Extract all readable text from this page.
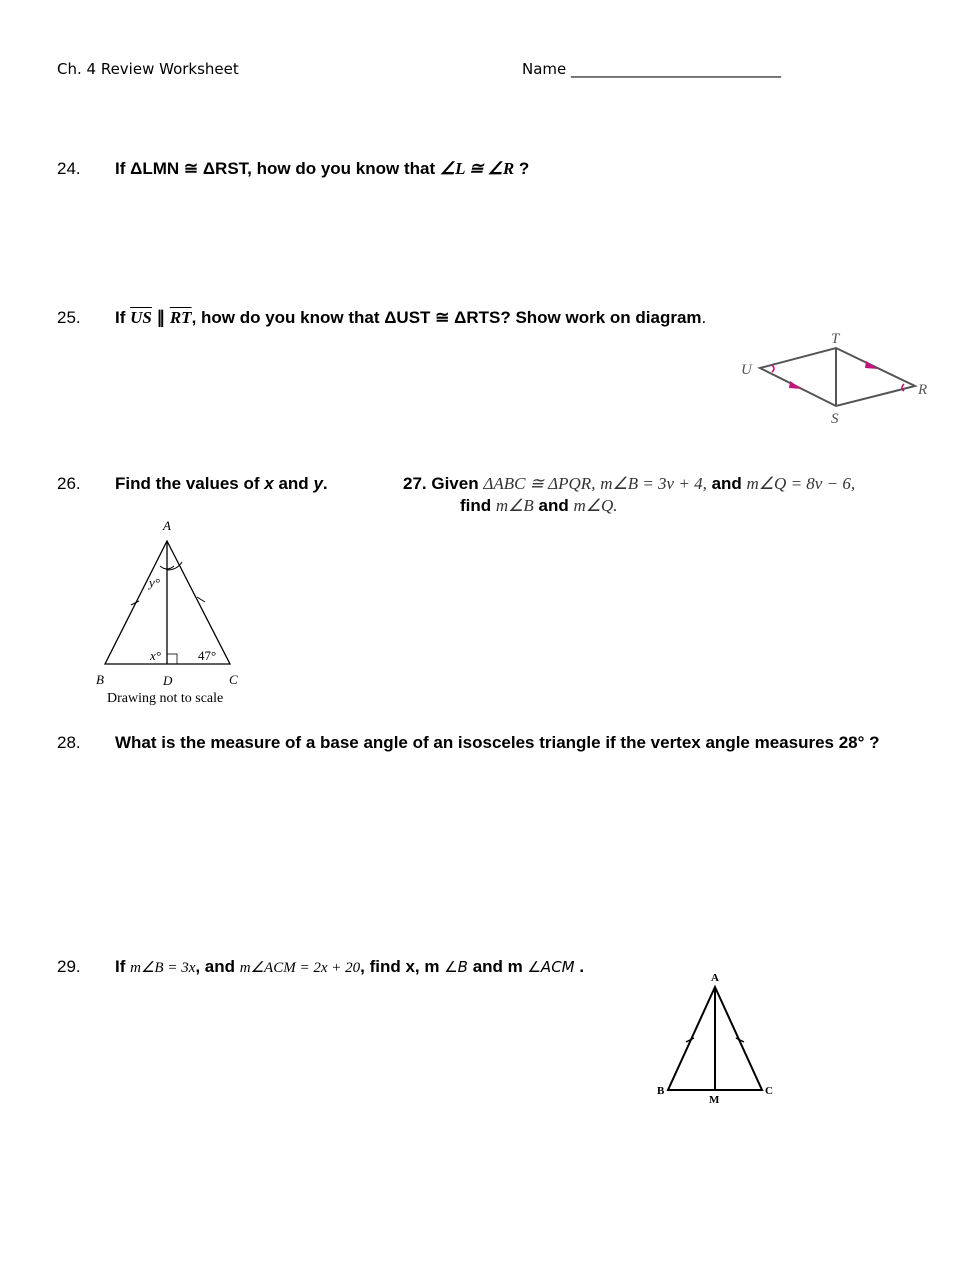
Ch. 4 Review Worksheet	Name ____________________________
24. If ΔLMN ≅ ΔRST, how do you know that ∠L ≅ ∠R ?
25. If $\overline{US}$ ∥ $\overline{RT}$, how do you know that ΔUST ≅ ΔRTS? Show work on diagram.
T
U
R
S
26. Find the values of x and y.
A
y°
x°	47°
B	D	C
Drawing not to scale
27. Given ΔABC ≅ ΔPQR, m∠B = 3v + 4, and m∠Q = 8v − 6,
find m∠B and m∠Q.
28. What is the measure of a base angle of an isosceles triangle if the vertex angle measures 28° ?
29. If m∠B = 3x, and m∠ACM = 2x + 20, find x, m ∠B and m ∠ACM .
A
B
M
C
